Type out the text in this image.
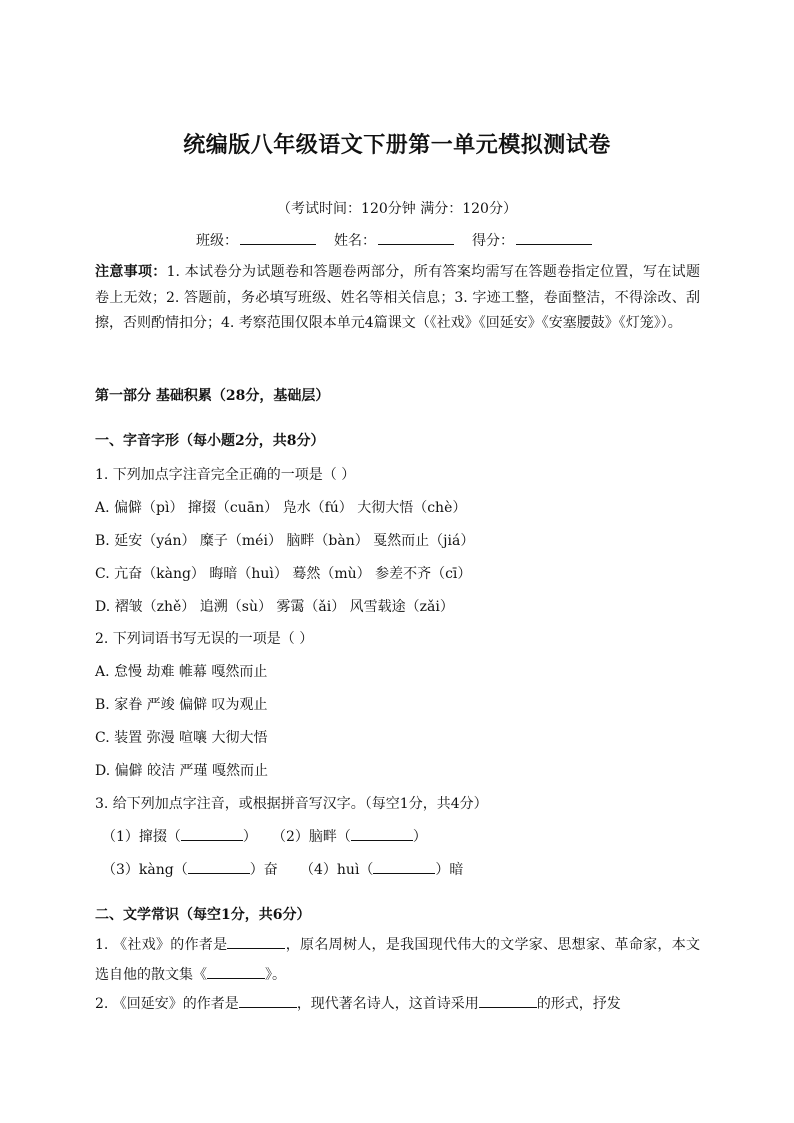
统编版八年级语文下册第一单元模拟测试卷
（考试时间：120分钟 满分：120分）
班级：	姓名：	得分：
注意事项：1. 本试卷分为试题卷和答题卷两部分，所有答案均需写在答题卷指定位置，写在试题卷上无效；2. 答题前，务必填写班级、姓名等相关信息；3. 字迹工整，卷面整洁，不得涂改、刮擦，否则酌情扣分；4. 考察范围仅限本单元4篇课文（《社戏》《回延安》《安塞腰鼓》《灯笼》）。
第一部分 基础积累（28分，基础层）
一、字音字形（每小题2分，共8分）
1. 下列加点字注音完全正确的一项是（ ）
A. 偏僻（pì） 撺掇（cuān） 凫水（fú） 大彻大悟（chè）
B. 延安（yán） 糜子（méi） 脑畔（bàn） 戛然而止（jiá）
C. 亢奋（kàng） 晦暗（huì） 蓦然（mù） 参差不齐（cī）
D. 褶皱（zhě） 追溯（sù） 雾霭（ǎi） 风雪载途（zǎi）
2. 下列词语书写无误的一项是（ ）
A. 怠慢 劫难 帷幕 嘎然而止
B. 家眷 严竣 偏僻 叹为观止
C. 装置 弥漫 喧嚷 大彻大悟
D. 偏僻 皎洁 严瑾 嘎然而止
3. 给下列加点字注音，或根据拼音写汉字。（每空1分，共4分）
（1）撺掇（	） （2）脑畔（	）
（3）kàng（	）奋 （4）huì（	）暗
二、文学常识（每空1分，共6分）
1. 《社戏》的作者是	，原名周树人，是我国现代伟大的文学家、思想家、革命家，本文选自他的散文集《	》。
2. 《回延安》的作者是	，现代著名诗人，这首诗采用	的形式，抒发
